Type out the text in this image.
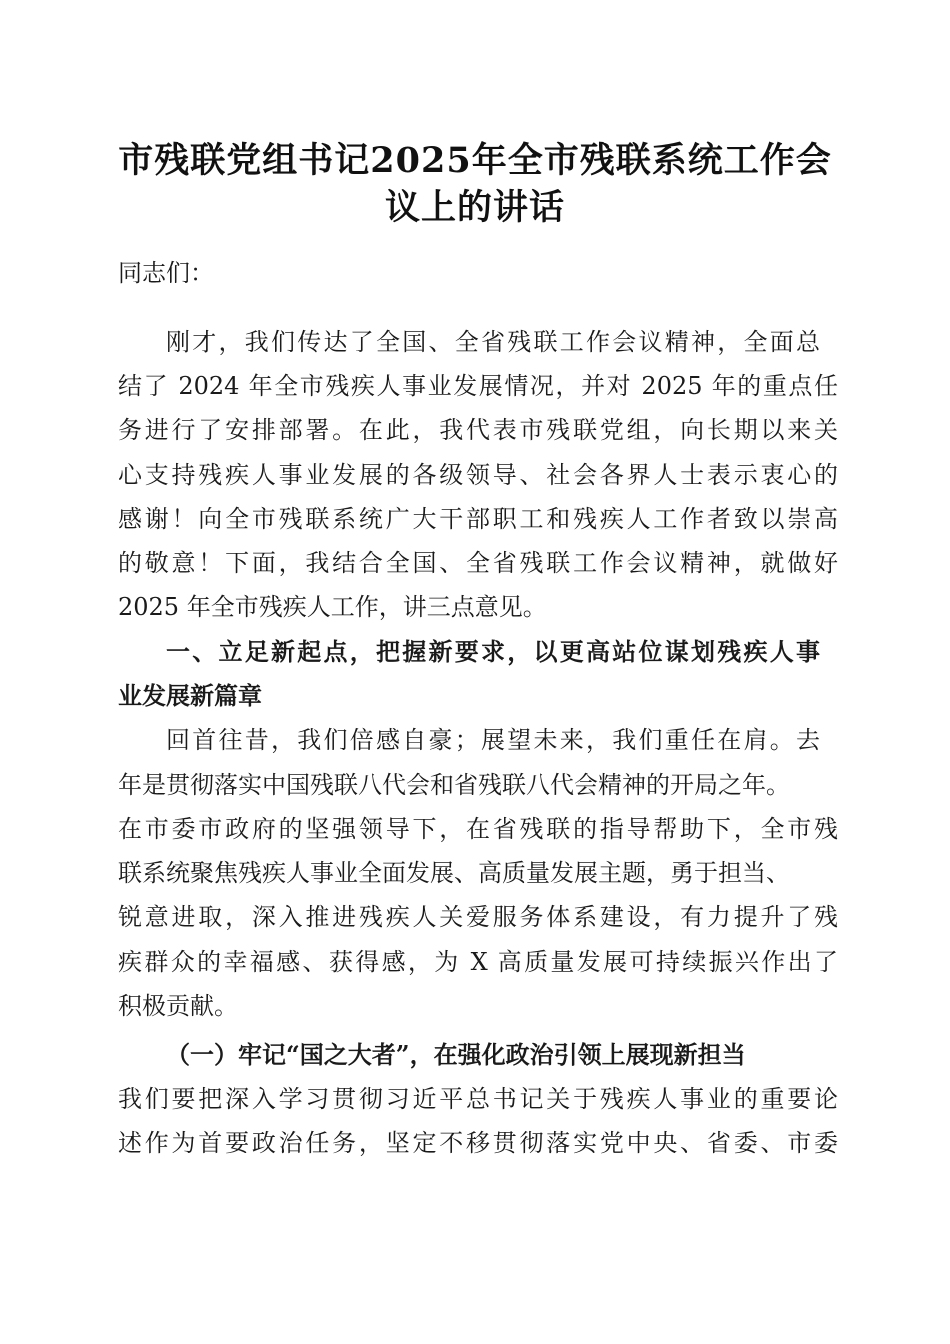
市残联党组书记2025年全市残联系统工作会
议上的讲话
同志们：
刚才，我们传达了全国、全省残联工作会议精神，全面总
结了 2024 年全市残疾人事业发展情况，并对 2025 年的重点任
务进行了安排部署。在此，我代表市残联党组，向长期以来关
心支持残疾人事业发展的各级领导、社会各界人士表示衷心的
感谢！向全市残联系统广大干部职工和残疾人工作者致以崇高
的敬意！下面，我结合全国、全省残联工作会议精神，就做好
2025 年全市残疾人工作，讲三点意见。
一、立足新起点，把握新要求，以更高站位谋划残疾人事
业发展新篇章
回首往昔，我们倍感自豪；展望未来，我们重任在肩。去
年是贯彻落实中国残联八代会和省残联八代会精神的开局之年。
在市委市政府的坚强领导下，在省残联的指导帮助下，全市残
联系统聚焦残疾人事业全面发展、高质量发展主题，勇于担当、
锐意进取，深入推进残疾人关爱服务体系建设，有力提升了残
疾群众的幸福感、获得感，为 X 高质量发展可持续振兴作出了
积极贡献。
（一）牢记“国之大者”，在强化政治引领上展现新担当
我们要把深入学习贯彻习近平总书记关于残疾人事业的重要论
述作为首要政治任务，坚定不移贯彻落实党中央、省委、市委
